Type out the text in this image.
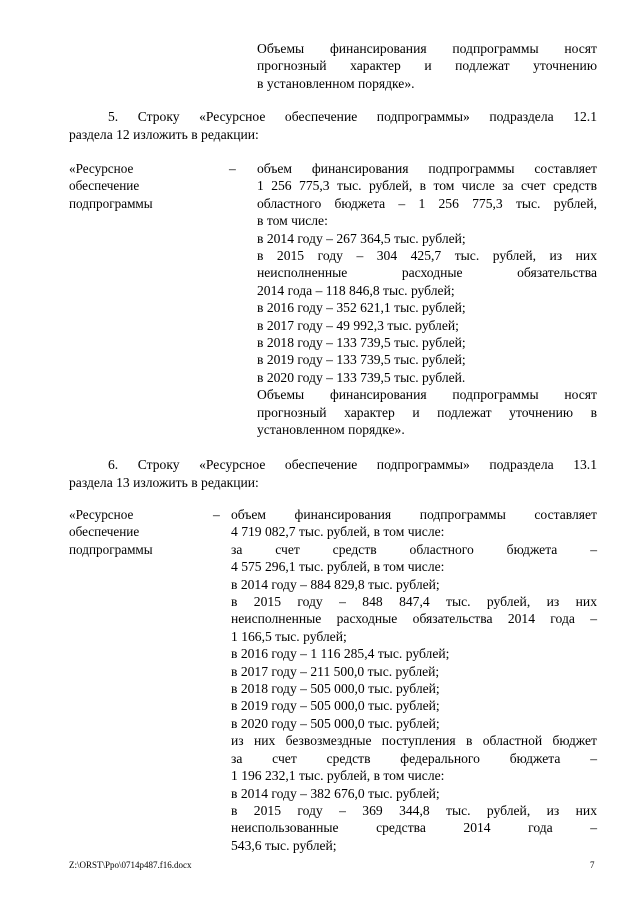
Объемы финансирования подпрограммы носят
прогнозный характер и подлежат уточнению
в установленном порядке».
5. Строку «Ресурсное обеспечение подпрограммы» подраздела 12.1
раздела 12 изложить в редакции:
«Ресурсное
обеспечение
подпрограммы
– объем финансирования подпрограммы составляет
1 256 775,3 тыс. рублей, в том числе за счет средств
областного бюджета – 1 256 775,3 тыс. рублей,
в том числе:
в 2014 году – 267 364,5 тыс. рублей;
в 2015 году – 304 425,7 тыс. рублей, из них
неисполненные расходные обязательства
2014 года – 118 846,8 тыс. рублей;
в 2016 году – 352 621,1 тыс. рублей;
в 2017 году – 49 992,3 тыс. рублей;
в 2018 году – 133 739,5 тыс. рублей;
в 2019 году – 133 739,5 тыс. рублей;
в 2020 году – 133 739,5 тыс. рублей.
Объемы финансирования подпрограммы носят
прогнозный характер и подлежат уточнению в
установленном порядке».
6. Строку «Ресурсное обеспечение подпрограммы» подраздела 13.1
раздела 13 изложить в редакции:
«Ресурсное
обеспечение
подпрограммы
– объем финансирования подпрограммы составляет
4 719 082,7 тыс. рублей, в том числе:
за счет средств областного бюджета –
4 575 296,1 тыс. рублей, в том числе:
в 2014 году – 884 829,8 тыс. рублей;
в 2015 году – 848 847,4 тыс. рублей, из них
неисполненные расходные обязательства 2014 года –
1 166,5 тыс. рублей;
в 2016 году – 1 116 285,4 тыс. рублей;
в 2017 году – 211 500,0 тыс. рублей;
в 2018 году – 505 000,0 тыс. рублей;
в 2019 году – 505 000,0 тыс. рублей;
в 2020 году – 505 000,0 тыс. рублей;
из них безвозмездные поступления в областной бюджет
за счет средств федерального бюджета –
1 196 232,1 тыс. рублей, в том числе:
в 2014 году – 382 676,0 тыс. рублей;
в 2015 году – 369 344,8 тыс. рублей, из них
неиспользованные средства 2014 года –
543,6 тыс. рублей;
Z:\ORST\Ppo\0714p487.f16.docx	7
